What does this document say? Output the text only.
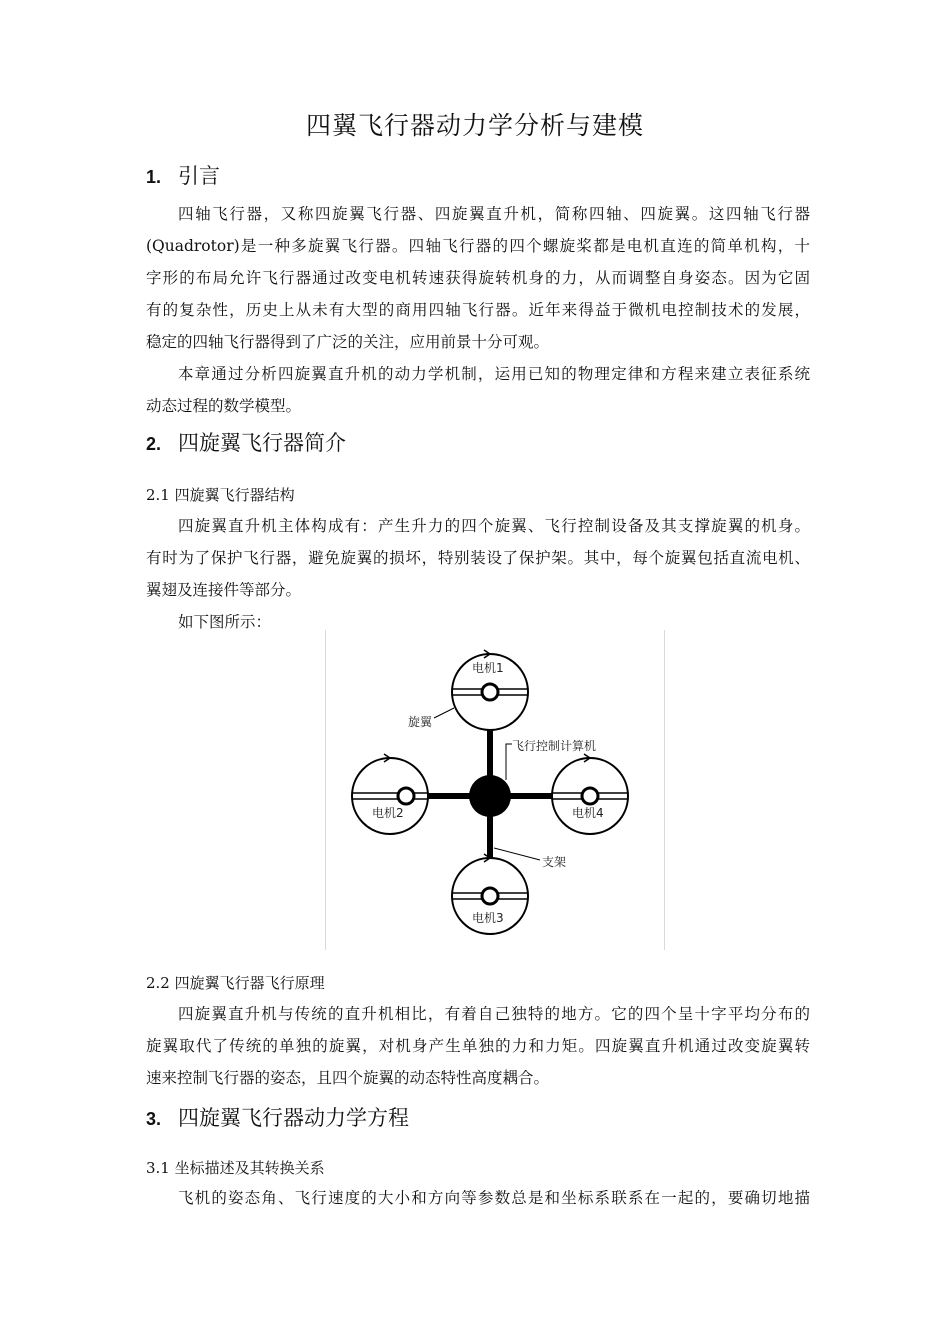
四翼飞行器动力学分析与建模
1. 引言
四轴飞行器，又称四旋翼飞行器、四旋翼直升机，简称四轴、四旋翼。这四轴飞行器
(Quadrotor)是一种多旋翼飞行器。四轴飞行器的四个螺旋桨都是电机直连的简单机构，十
字形的布局允许飞行器通过改变电机转速获得旋转机身的力，从而调整自身姿态。因为它固
有的复杂性，历史上从未有大型的商用四轴飞行器。近年来得益于微机电控制技术的发展，
稳定的四轴飞行器得到了广泛的关注，应用前景十分可观。
本章通过分析四旋翼直升机的动力学机制，运用已知的物理定律和方程来建立表征系统
动态过程的数学模型。
2. 四旋翼飞行器简介
2.1 四旋翼飞行器结构
四旋翼直升机主体构成有：产生升力的四个旋翼、飞行控制设备及其支撑旋翼的机身。
有时为了保护飞行器，避免旋翼的损坏，特别装设了保护架。其中，每个旋翼包括直流电机、
翼翅及连接件等部分。
如下图所示：
电机1
电机2	电机4
电机3
旋翼
飞行控制计算机
支架
2.2 四旋翼飞行器飞行原理
四旋翼直升机与传统的直升机相比，有着自己独特的地方。它的四个呈十字平均分布的
旋翼取代了传统的单独的旋翼，对机身产生单独的力和力矩。四旋翼直升机通过改变旋翼转
速来控制飞行器的姿态，且四个旋翼的动态特性高度耦合。
3. 四旋翼飞行器动力学方程
3.1 坐标描述及其转换关系
飞机的姿态角、飞行速度的大小和方向等参数总是和坐标系联系在一起的，要确切地描
